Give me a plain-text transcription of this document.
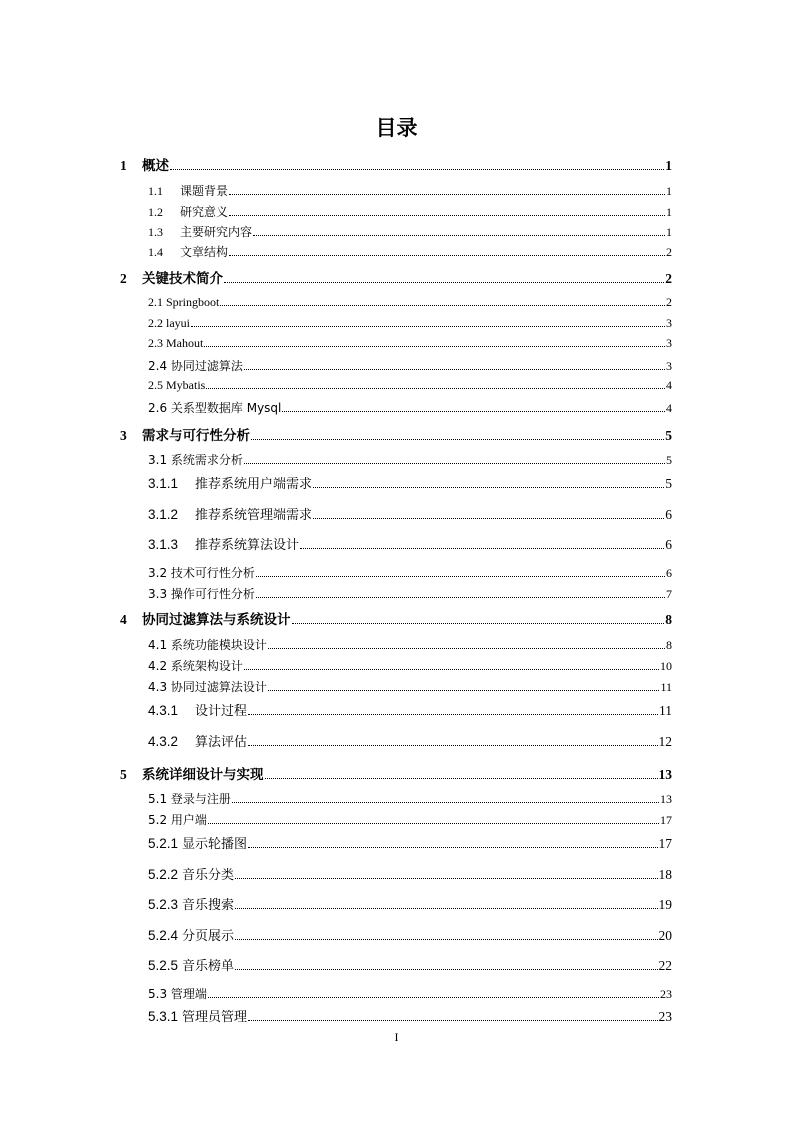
目录
1	概述	1
1.1	课题背景	1
1.2	研究意义	1
1.3	主要研究内容	1
1.4	文章结构	2
2	关键技术简介	2
2.1 Springboot	2
2.2 layui	3
2.3 Mahout	3
2.4 协同过滤算法	3
2.5 Mybatis	4
2.6 关系型数据库 Mysql	4
3	需求与可行性分析	5
3.1 系统需求分析	5
3.1.1	推荐系统用户端需求	5
3.1.2	推荐系统管理端需求	6
3.1.3	推荐系统算法设计	6
3.2 技术可行性分析	6
3.3 操作可行性分析	7
4	协同过滤算法与系统设计	8
4.1 系统功能模块设计	8
4.2 系统架构设计	10
4.3 协同过滤算法设计	11
4.3.1	设计过程	11
4.3.2	算法评估	12
5	系统详细设计与实现	13
5.1 登录与注册	13
5.2 用户端	17
5.2.1 显示轮播图	17
5.2.2 音乐分类	18
5.2.3 音乐搜索	19
5.2.4 分页展示	20
5.2.5 音乐榜单	22
5.3 管理端	23
5.3.1 管理员管理	23
I
